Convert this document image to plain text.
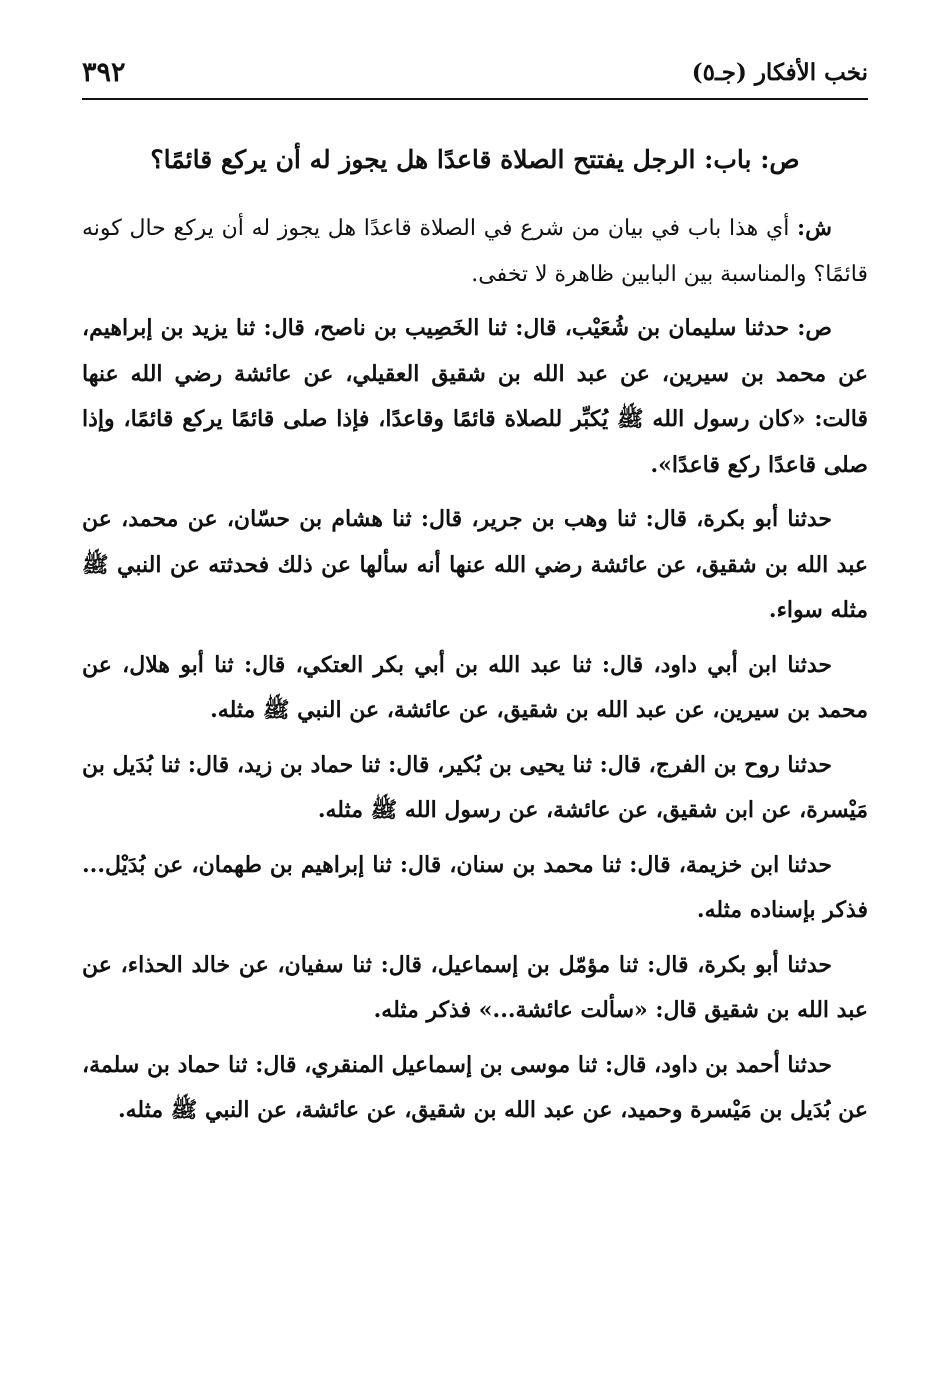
٣٩٢	نخب الأفكار (جـ٥)
ص: باب: الرجل يفتتح الصلاة قاعدًا هل يجوز له أن يركع قائمًا؟

ش: أي هذا باب في بيان من شرع في الصلاة قاعدًا هل يجوز له أن يركع حال كونه قائمًا؟ والمناسبة بين البابين ظاهرة لا تخفى.

ص: حدثنا سليمان بن شُعَيْب، قال: ثنا الخَصِيب بن ناصح، قال: ثنا يزيد بن إبراهيم، عن محمد بن سيرين، عن عبد الله بن شقيق العقيلي، عن عائشة رضي الله عنها قالت: «كان رسول الله ﷺ يُكبِّر للصلاة قائمًا وقاعدًا، فإذا صلى قائمًا يركع قائمًا، وإذا صلى قاعدًا ركع قاعدًا».

حدثنا أبو بكرة، قال: ثنا وهب بن جرير، قال: ثنا هشام بن حسّان، عن محمد، عن عبد الله بن شقيق، عن عائشة رضي الله عنها أنه سألها عن ذلك فحدثته عن النبي ﷺ مثله سواء.

حدثنا ابن أبي داود، قال: ثنا عبد الله بن أبي بكر العتكي، قال: ثنا أبو هلال، عن محمد بن سيرين، عن عبد الله بن شقيق، عن عائشة، عن النبي ﷺ مثله.

حدثنا روح بن الفرج، قال: ثنا يحيى بن بُكير، قال: ثنا حماد بن زيد، قال: ثنا بُدَيل بن مَيْسرة، عن ابن شقيق، عن عائشة، عن رسول الله ﷺ مثله.

حدثنا ابن خزيمة، قال: ثنا محمد بن سنان، قال: ثنا إبراهيم بن طهمان، عن بُدَيْل... فذكر بإسناده مثله.

حدثنا أبو بكرة، قال: ثنا مؤمّل بن إسماعيل، قال: ثنا سفيان، عن خالد الحذاء، عن عبد الله بن شقيق قال: «سألت عائشة...» فذكر مثله.

حدثنا أحمد بن داود، قال: ثنا موسى بن إسماعيل المنقري، قال: ثنا حماد بن سلمة، عن بُدَيل بن مَيْسرة وحميد، عن عبد الله بن شقيق، عن عائشة، عن النبي ﷺ مثله.
